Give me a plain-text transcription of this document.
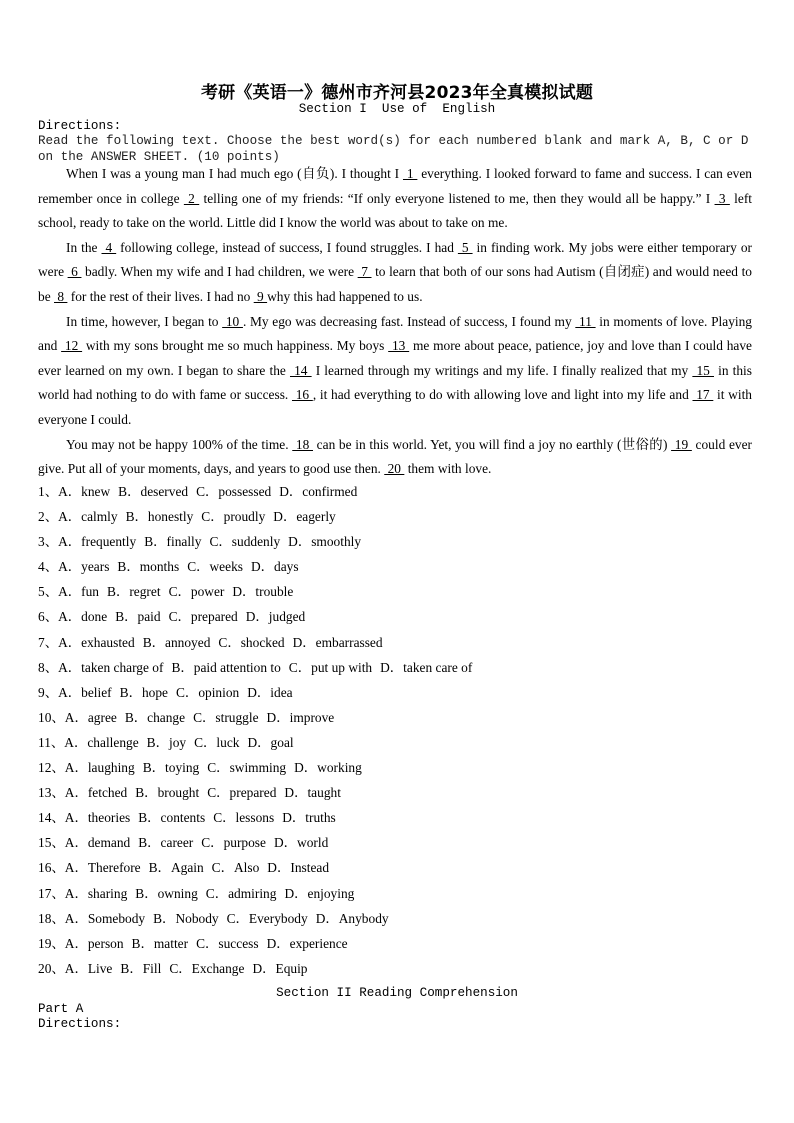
考研《英语一》德州市齐河县2023年全真模拟试题
Section I  Use of  English
Directions:
Read the following text. Choose the best word(s) for each numbered blank and mark A, B, C or D on the ANSWER SHEET. (10 points)

When I was a young man I had much ego (自负). I thought I  1  everything. I looked forward to fame and success. I can even remember once in college  2  telling one of my friends: “If only everyone listened to me, then they would all be happy.” I  3  left school, ready to take on the world. Little did I know the world was about to take on me.

In the  4  following college, instead of success, I found struggles. I had  5  in finding work. My jobs were either temporary or were  6  badly. When my wife and I had children, we were  7  to learn that both of our sons had Autism (自闭症) and would need to be  8  for the rest of their lives. I had no  9 why this had happened to us.

In time, however, I began to  10 . My ego was decreasing fast. Instead of success, I found my  11  in moments of love. Playing and  12  with my sons brought me so much happiness. My boys  13  me more about peace, patience, joy and love than I could have ever learned on my own. I began to share the  14  I learned through my writings and my life. I finally realized that my  15  in this world had nothing to do with fame or success.  16 , it had everything to do with allowing love and light into my life and  17  it with everyone I could.

You may not be happy 100% of the time.  18  can be in this world. Yet, you will find a joy no earthly (世俗的)  19  could ever give. Put all of your moments, days, and years to good use then.  20  them with love.

1、A．knew B．deserved C．possessed D．confirmed
2、A．calmly B．honestly C．proudly D．eagerly
3、A．frequently B．finally C．suddenly D．smoothly
4、A．years B．months C．weeks D．days
5、A．fun B．regret C．power D．trouble
6、A．done B．paid C．prepared D．judged
7、A．exhausted B．annoyed C．shocked D．embarrassed
8、A．taken charge of B．paid attention to C．put up with D．taken care of
9、A．belief B．hope C．opinion D．idea
10、A．agree B．change C．struggle D．improve
11、A．challenge B．joy C．luck D．goal
12、A．laughing B．toying C．swimming D．working
13、A．fetched B．brought C．prepared D．taught
14、A．theories B．contents C．lessons D．truths
15、A．demand B．career C．purpose D．world
16、A．Therefore B．Again C．Also D．Instead
17、A．sharing B．owning C．admiring D．enjoying
18、A．Somebody B．Nobody C．Everybody D．Anybody
19、A．person B．matter C．success D．experience
20、A．Live B．Fill C．Exchange D．Equip
Section II Reading Comprehension
Part A
Directions:
